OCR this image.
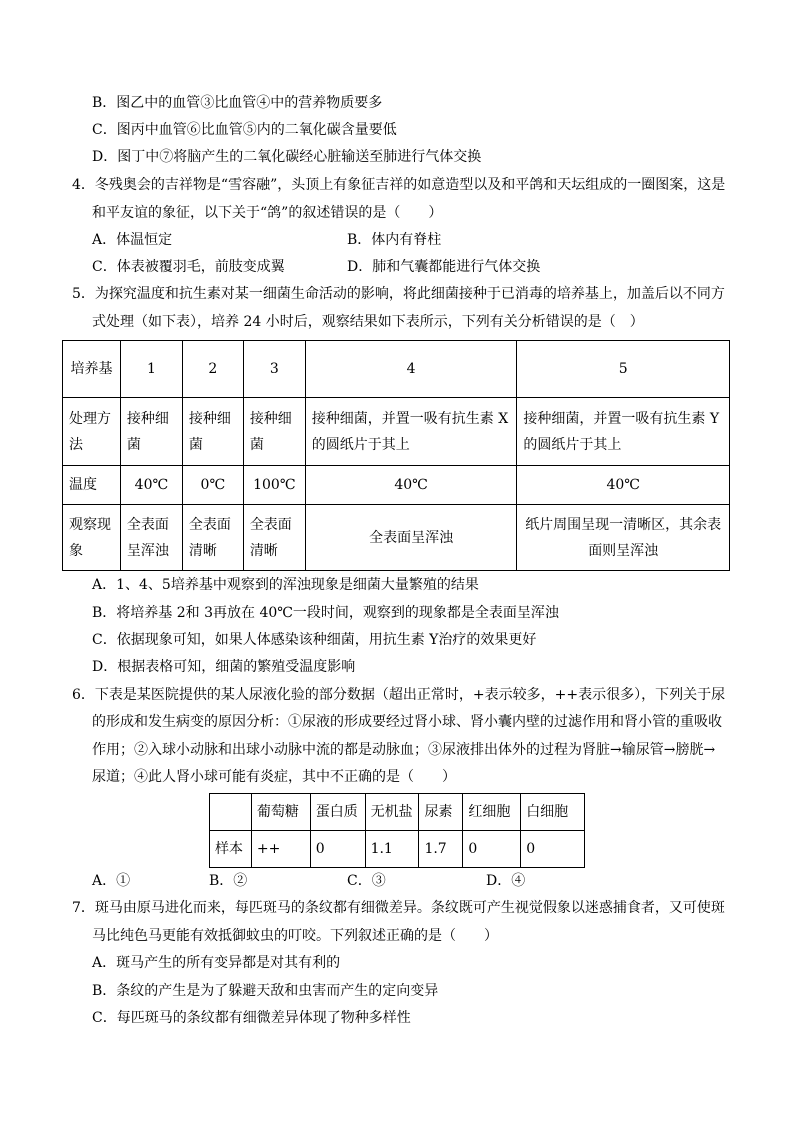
B．图乙中的血管③比血管④中的营养物质要多
C．图丙中血管⑥比血管⑤内的二氧化碳含量要低
D．图丁中⑦将脑产生的二氧化碳经心脏输送至肺进行气体交换
4．冬残奥会的吉祥物是“雪容融”，头顶上有象征吉祥的如意造型以及和平鸽和天坛组成的一圈图案，这是
和平友谊的象征，以下关于“鸽”的叙述错误的是（　　）
A．体温恒定	B．体内有脊柱
C．体表被覆羽毛，前肢变成翼	D．肺和气囊都能进行气体交换
5．为探究温度和抗生素对某一细菌生命活动的影响，将此细菌接种于已消毒的培养基上，加盖后以不同方
式处理（如下表），培养 24 小时后，观察结果如下表所示，下列有关分析错误的是（　）
培养基	1	2	3	4	5
处理方法	接种细菌	接种细菌	接种细菌	接种细菌，并置一吸有抗生素 X 的圆纸片于其上	接种细菌，并置一吸有抗生素 Y 的圆纸片于其上
温度	40℃	0℃	100℃	40℃	40℃
观察现象	全表面呈浑浊	全表面清晰	全表面清晰	全表面呈浑浊	纸片周围呈现一清晰区，其余表面则呈浑浊
A．1、4、5培养基中观察到的浑浊现象是细菌大量繁殖的结果
B．将培养基 2和 3再放在 40℃一段时间，观察到的现象都是全表面呈浑浊
C．依据现象可知，如果人体感染该种细菌，用抗生素 Y治疗的效果更好
D．根据表格可知，细菌的繁殖受温度影响
6．下表是某医院提供的某人尿液化验的部分数据（超出正常时，+表示较多，++表示很多），下列关于尿
的形成和发生病变的原因分析：①尿液的形成要经过肾小球、肾小囊内壁的过滤作用和肾小管的重吸收
作用；②入球小动脉和出球小动脉中流的都是动脉血；③尿液排出体外的过程为肾脏→输尿管→膀胱→
尿道；④此人肾小球可能有炎症，其中不正确的是（　　）
	葡萄糖	蛋白质	无机盐	尿素	红细胞	白细胞
样本	++	0	1.1	1.7	0	0
A．①	B．②	C．③	D．④
7．斑马由原马进化而来，每匹斑马的条纹都有细微差异。条纹既可产生视觉假象以迷惑捕食者，又可使斑
马比纯色马更能有效抵御蚊虫的叮咬。下列叙述正确的是（　　）
A．斑马产生的所有变异都是对其有利的
B．条纹的产生是为了躲避天敌和虫害而产生的定向变异
C．每匹斑马的条纹都有细微差异体现了物种多样性
